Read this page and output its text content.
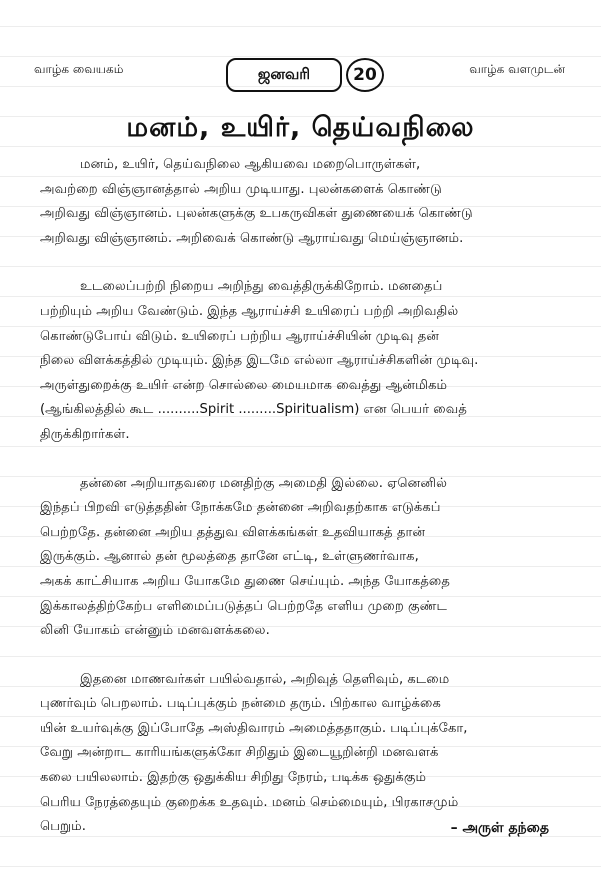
வாழ்க வையகம்	ஜனவரி	20	வாழ்க வளமுடன்
மனம், உயிர், தெய்வநிலை
மனம், உயிர், தெய்வநிலை ஆகியவை மறைபொருள்கள்,
அவற்றை விஞ்ஞானத்தால் அறிய முடியாது. புலன்களைக் கொண்டு
அறிவது விஞ்ஞானம். புலன்களுக்கு உபகருவிகள் துணையைக் கொண்டு
அறிவது விஞ்ஞானம். அறிவைக் கொண்டு ஆராய்வது மெய்ஞ்ஞானம்.
உடலைப்பற்றி நிறைய அறிந்து வைத்திருக்கிறோம். மனதைப்
பற்றியும் அறிய வேண்டும். இந்த ஆராய்ச்சி உயிரைப் பற்றி அறிவதில்
கொண்டுபோய் விடும். உயிரைப் பற்றிய ஆராய்ச்சியின் முடிவு தன்
நிலை விளக்கத்தில் முடியும். இந்த இடமே எல்லா ஆராய்ச்சிகளின் முடிவு.
அருள்துறைக்கு உயிர் என்ற சொல்லை மையமாக வைத்து ஆன்மிகம்
(ஆங்கிலத்தில் கூட ..........Spirit .........Spiritualism) என பெயர் வைத்
திருக்கிறார்கள்.
தன்னை அறியாதவரை மனதிற்கு அமைதி இல்லை. ஏனெனில்
இந்தப் பிறவி எடுத்ததின் நோக்கமே தன்னை அறிவதற்காக எடுக்கப்
பெற்றதே. தன்னை அறிய தத்துவ விளக்கங்கள் உதவியாகத் தான்
இருக்கும். ஆனால் தன் மூலத்தை தானே எட்டி, உள்ளுணர்வாக,
அகக் காட்சியாக அறிய யோகமே துணை செய்யும். அந்த யோகத்தை
இக்காலத்திற்கேற்ப எளிமைப்படுத்தப் பெற்றதே எளிய முறை குண்ட
லினி யோகம் என்னும் மனவளக்கலை.
இதனை மாணவர்கள் பயில்வதால், அறிவுத் தெளிவும், கடமை
புணர்வும் பெறலாம். படிப்புக்கும் நன்மை தரும். பிற்கால வாழ்க்கை
யின் உயர்வுக்கு இப்போதே அஸ்திவாரம் அமைத்ததாகும். படிப்புக்கோ,
வேறு அன்றாட காரியங்களுக்கோ சிறிதும் இடையூறின்றி மனவளக்
கலை பயிலலாம். இதற்கு ஒதுக்கிய சிறிது நேரம், படிக்க ஒதுக்கும்
பெரிய நேரத்தையும் குறைக்க உதவும். மனம் செம்மையும், பிரகாசமும்
பெறும்.	– அருள் தந்தை
